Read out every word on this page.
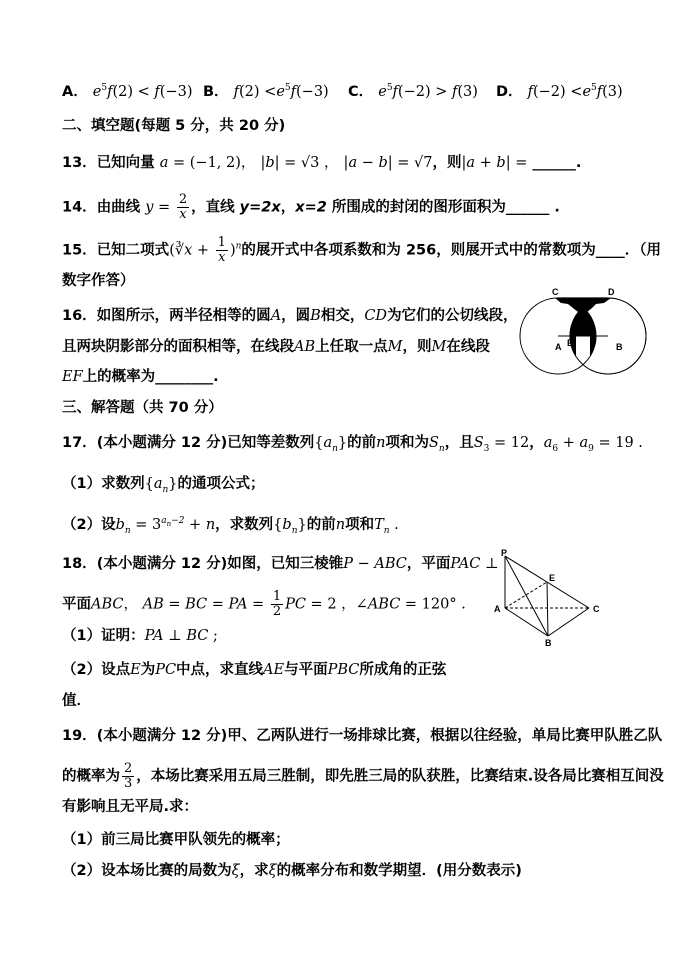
A． $e^5f(2) < f(-3)$ B． $f(2) <e^5f(-3)$ C． $e^5f(-2) > f(3)$ D． $f(-2) <e^5f(3)$
二、填空题(每题 5 分，共 20 分)
13．已知向量 a = (−1, 2)， |b| = √3 ， |a − b| = √7，则|a + b| = ______.
14．由曲线 $y = \frac{2}{x}$ ，直线 y=2x，x=2 所围成的封闭的图形面积为______ .
15．已知二项式(∛x + $\frac{1}{x} )^n$的展开式中各项系数和为 256，则展开式中的常数项为____．（用
数字作答）
16．如图所示，两半径相等的圆A，圆B相交，CD为它们的公切线段，
且两块阴影部分的面积相等，在线段AB上任取一点M，则M在线段
EF上的概率为________.
C	D
A E F B
三、解答题（共 70 分）
17．(本小题满分 12 分)已知等差数列$\{a_n\}$的前n项和为$S_n$，且$S_3 = 12$，$a_6 + a_9 = 19$ .
（1）求数列$\{a_n\}$的通项公式；
（2）设$b_n = 3^{a_n-2} + n$，求数列$\{b_n\}$的前n项和$T_n$ .
18．(本小题满分 12 分)如图，已知三棱锥P − ABC，平面PAC ⊥
平面ABC， AB = BC = PA = $\frac{1}{2}$ PC = 2 ，∠ABC = 120° .
（1）证明：PA ⊥ BC ;
（2）设点E为PC中点，求直线AE与平面PBC所成角的正弦
值．
P
E
A	C
B
19．(本小题满分 12 分)甲、乙两队进行一场排球比赛，根据以往经验，单局比赛甲队胜乙队
的概率为 $\frac{2}{3}$ ，本场比赛采用五局三胜制，即先胜三局的队获胜，比赛结束.设各局比赛相互间没
有影响且无平局.求：
（1）前三局比赛甲队领先的概率；
（2）设本场比赛的局数为ξ，求ξ的概率分布和数学期望．(用分数表示)
